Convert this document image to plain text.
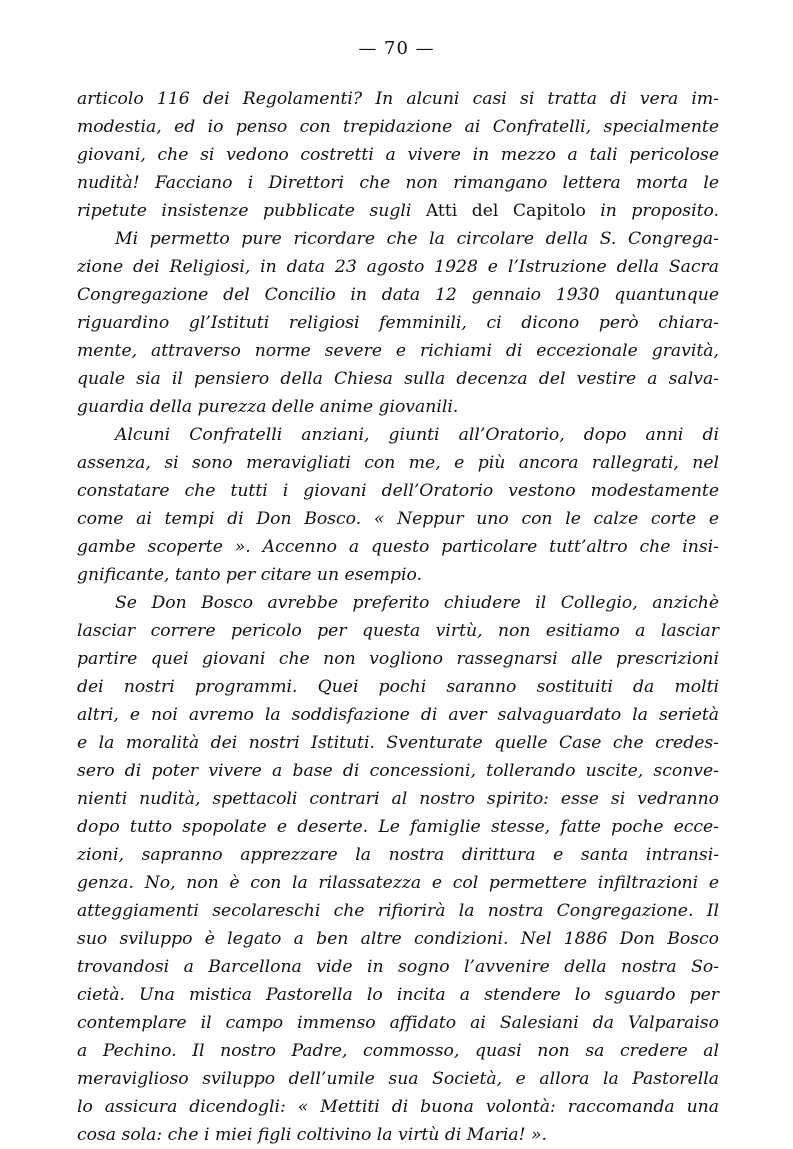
— 70 —
articolo 116 dei Regolamenti? In alcuni casi si tratta di vera im-
modestia, ed io penso con trepidazione ai Confratelli, specialmente
giovani, che si vedono costretti a vivere in mezzo a tali pericolose
nudità! Facciano i Direttori che non rimangano lettera morta le
ripetute insistenze pubblicate sugli Atti del Capitolo in proposito.
Mi permetto pure ricordare che la circolare della S. Congrega-
zione dei Religiosi, in data 23 agosto 1928 e l’Istruzione della Sacra
Congregazione del Concilio in data 12 gennaio 1930 quantunque
riguardino gl’Istituti religiosi femminili, ci dicono però chiara-
mente, attraverso norme severe e richiami di eccezionale gravità,
quale sia il pensiero della Chiesa sulla decenza del vestire a salva-
guardia della purezza delle anime giovanili.
Alcuni Confratelli anziani, giunti all’Oratorio, dopo anni di
assenza, si sono meravigliati con me, e più ancora rallegrati, nel
constatare che tutti i giovani dell’Oratorio vestono modestamente
come ai tempi di Don Bosco. « Neppur uno con le calze corte e
gambe scoperte ». Accenno a questo particolare tutt’altro che insi-
gnificante, tanto per citare un esempio.
Se Don Bosco avrebbe preferito chiudere il Collegio, anzichè
lasciar correre pericolo per questa virtù, non esitiamo a lasciar
partire quei giovani che non vogliono rassegnarsi alle prescrizioni
dei nostri programmi. Quei pochi saranno sostituiti da molti
altri, e noi avremo la soddisfazione di aver salvaguardato la serietà
e la moralità dei nostri Istituti. Sventurate quelle Case che credes-
sero di poter vivere a base di concessioni, tollerando uscite, sconve-
nienti nudità, spettacoli contrari al nostro spirito: esse si vedranno
dopo tutto spopolate e deserte. Le famiglie stesse, fatte poche ecce-
zioni, sapranno apprezzare la nostra dirittura e santa intransi-
genza. No, non è con la rilassatezza e col permettere infiltrazioni e
atteggiamenti secolareschi che rifiorirà la nostra Congregazione. Il
suo sviluppo è legato a ben altre condizioni. Nel 1886 Don Bosco
trovandosi a Barcellona vide in sogno l’avvenire della nostra So-
cietà. Una mistica Pastorella lo incita a stendere lo sguardo per
contemplare il campo immenso affidato ai Salesiani da Valparaiso
a Pechino. Il nostro Padre, commosso, quasi non sa credere al
meraviglioso sviluppo dell’umile sua Società, e allora la Pastorella
lo assicura dicendogli: « Mettiti di buona volontà: raccomanda una
cosa sola: che i miei figli coltivino la virtù di Maria! ».
